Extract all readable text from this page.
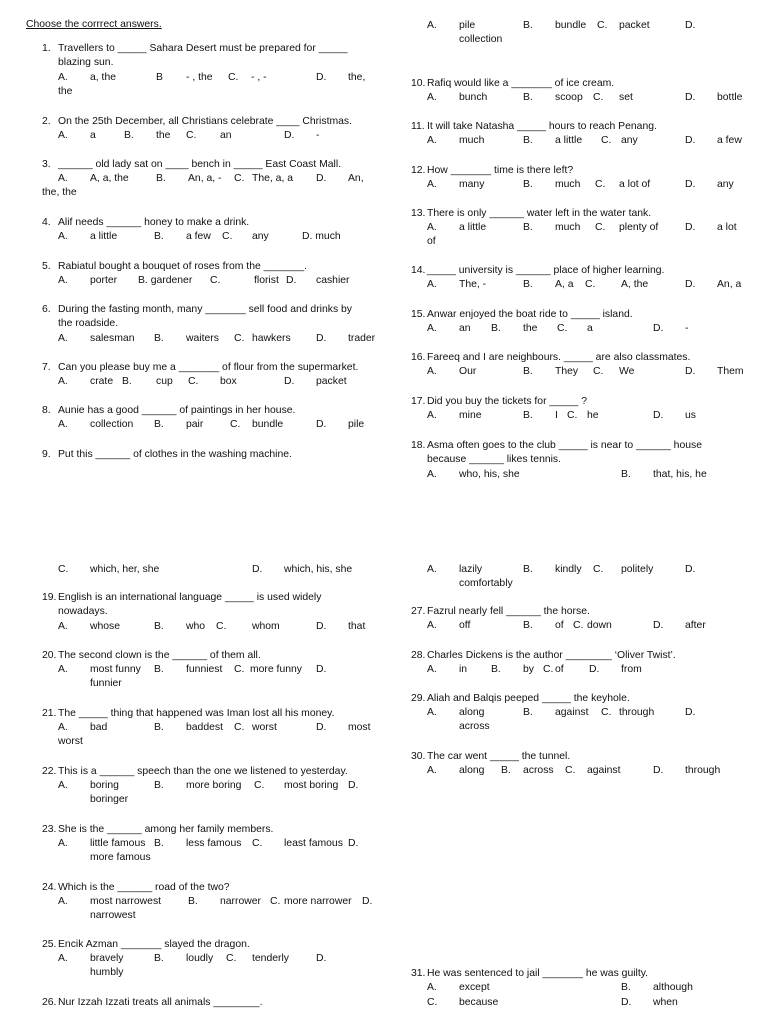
Choose the corrrect answers.
1. Travellers to _____ Sahara Desert must be prepared for _____
blazing sun.
A. a, the	B - , the C. - , -	D. the,
the
2. On the 25th December, all Christians celebrate ____ Christmas.
A. a	B. the C. an	D. -
3. ______ old lady sat on ____ bench in _____ East Coast Mall.
A. A, a, the	B. An, a, - C. The, a, a D. An,
the, the
4. Alif needs ______ honey to make a drink.
A. a little	B. a few C. any	D. much
5. Rabiatul bought a bouquet of roses from the _______.
A. porter B. gardener C.	florist D. cashier
6. During the fasting month, many _______ sell food and drinks by
the roadside.
A. salesman B. waiters C. hawkers D. trader
7. Can you please buy me a _______ of flour from the supermarket.
A. crate B. cup C. box	D. packet
8. Aunie has a good ______ of paintings in her house.
A. collection B. pair	C. bundle	D. pile
9. Put this ______ of clothes in the washing machine.
A. pile
collection
B. bundle C. packet	D.
10. Rafiq would like a _______ of ice cream.
A. bunch	B. scoop C. set	D. bottle
11. It will take Natasha _____ hours to reach Penang.
A. much	B. a little C. any	D. a few
12. How _______ time is there left?
A. many	B. much C. a lot of	D. any
13. There is only ______ water left in the water tank.
A. a little	B. much C. plenty of	D. a lot
of
14. _____ university is ______ place of higher learning.
A. The, -	B. A, a C. A, the	D. An, a
15. Anwar enjoyed the boat ride to _____ island.
A. an B. the C. a	D. -
16. Fareeq and I are neighbours. _____ are also classmates.
A. Our	B. They C. We	D. Them
17. Did you buy the tickets for _____ ?
A. mine	B. I C. he	D. us
18. Asma often goes to the club _____ is near to ______ house
because ______ likes tennis.
A. who, his, she	B. that, his, he
C. which, her, she	D. which, his, she
19. English is an international language _____ is used widely
nowadays.
A. whose	B. who C. whom	D. that
20. The second clown is the ______ of them all.
A. most funny B. funniest C. more funny D.
funnier
21. The _____ thing that happened was Iman lost all his money.
A. bad	B. baddest C. worst	D. most
worst
22. This is a ______ speech than the one we listened to yesterday.
A. boring	B. more boring C. most boring D.
boringer
23. She is the ______ among her family members.
A. little famous B. less famous C. least famous D.
more famous
24. Which is the ______ road of the two?
A. most narrowest	B. narrower C. more narrower D.
narrowest
25. Encik Azman _______ slayed the dragon.
A. bravely	B. loudly C. tenderly	D.
humbly
26. Nur Izzah Izzati treats all animals ________.
A. lazily
comfortably
B. kindly C. politely	D.
27. Fazrul nearly fell ______ the horse.
A. off	B. of C. down	D. after
28. Charles Dickens is the author ________ ‘Oliver Twist’.
A. in B. by C. of D. from
29. Aliah and Balqis peeped _____ the keyhole.
A. along	B. against C. through	D.
across
30. The car went _____ the tunnel.
A. along B. across C. against	D. through
31. He was sentenced to jail _______ he was guilty.
A. except	B. although
C. because	D. when
